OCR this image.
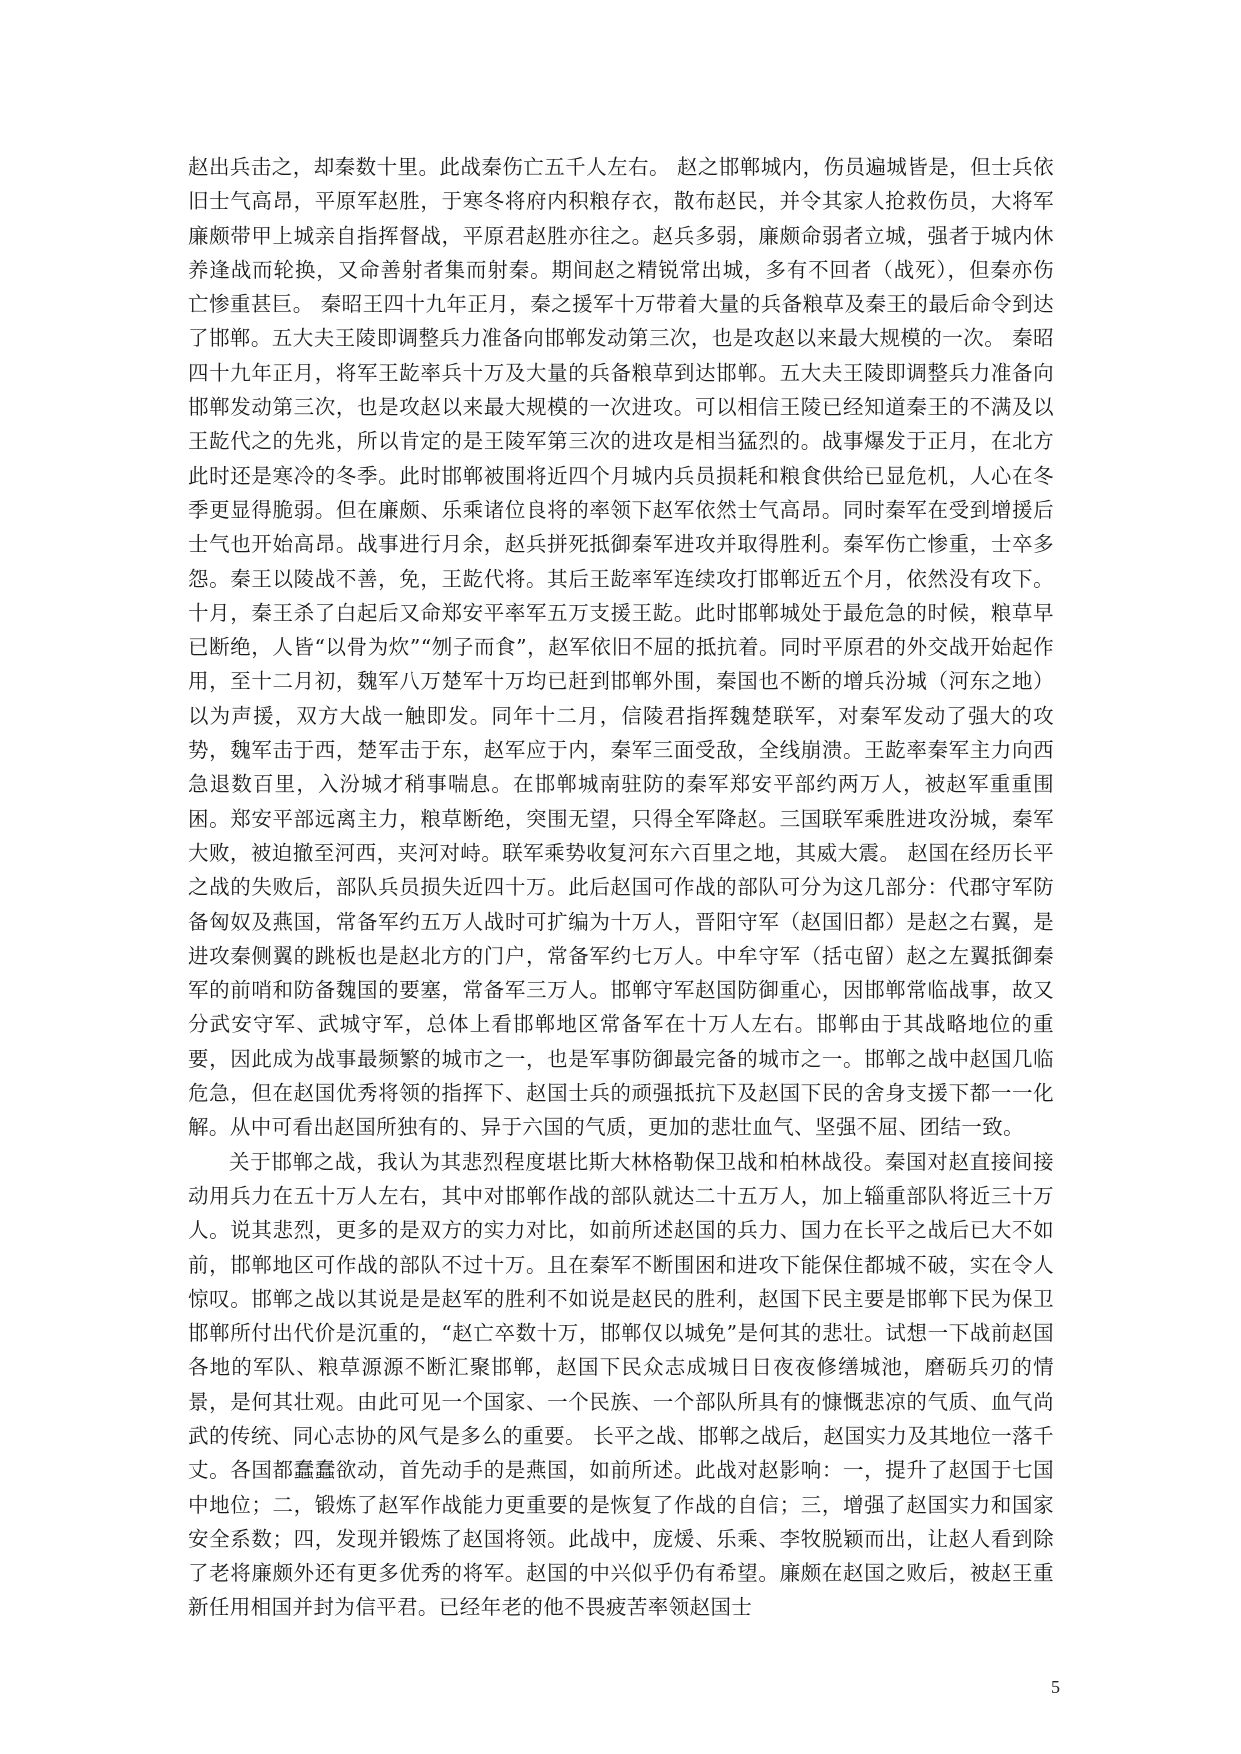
赵出兵击之，却秦数十里。此战秦伤亡五千人左右。 赵之邯郸城内，伤员遍城皆是，但士兵依旧士气高昂，平原军赵胜，于寒冬将府内积粮存衣，散布赵民，并令其家人抢救伤员，大将军廉颇带甲上城亲自指挥督战，平原君赵胜亦往之。赵兵多弱，廉颇命弱者立城，强者于城内休养逢战而轮换，又命善射者集而射秦。期间赵之精锐常出城，多有不回者（战死），但秦亦伤亡惨重甚巨。 秦昭王四十九年正月，秦之援军十万带着大量的兵备粮草及秦王的最后命令到达了邯郸。五大夫王陵即调整兵力准备向邯郸发动第三次，也是攻赵以来最大规模的一次。 秦昭四十九年正月，将军王龁率兵十万及大量的兵备粮草到达邯郸。五大夫王陵即调整兵力准备向邯郸发动第三次，也是攻赵以来最大规模的一次进攻。可以相信王陵已经知道秦王的不满及以王龁代之的先兆，所以肯定的是王陵军第三次的进攻是相当猛烈的。战事爆发于正月，在北方此时还是寒冷的冬季。此时邯郸被围将近四个月城内兵员损耗和粮食供给已显危机，人心在冬季更显得脆弱。但在廉颇、乐乘诸位良将的率领下赵军依然士气高昂。同时秦军在受到增援后士气也开始高昂。战事进行月余，赵兵拼死抵御秦军进攻并取得胜利。秦军伤亡惨重，士卒多怨。秦王以陵战不善，免，王龁代将。其后王龁率军连续攻打邯郸近五个月，依然没有攻下。十月，秦王杀了白起后又命郑安平率军五万支援王龁。此时邯郸城处于最危急的时候，粮草早已断绝，人皆“以骨为炊”“刎子而食”，赵军依旧不屈的抵抗着。同时平原君的外交战开始起作用，至十二月初，魏军八万楚军十万均已赶到邯郸外围，秦国也不断的增兵汾城（河东之地）以为声援，双方大战一触即发。同年十二月，信陵君指挥魏楚联军，对秦军发动了强大的攻势，魏军击于西，楚军击于东，赵军应于内，秦军三面受敌，全线崩溃。王龁率秦军主力向西急退数百里，入汾城才稍事喘息。在邯郸城南驻防的秦军郑安平部约两万人，被赵军重重围困。郑安平部远离主力，粮草断绝，突围无望，只得全军降赵。三国联军乘胜进攻汾城，秦军大败，被迫撤至河西，夹河对峙。联军乘势收复河东六百里之地，其威大震。 赵国在经历长平之战的失败后，部队兵员损失近四十万。此后赵国可作战的部队可分为这几部分：代郡守军防备匈奴及燕国，常备军约五万人战时可扩编为十万人，晋阳守军（赵国旧都）是赵之右翼，是进攻秦侧翼的跳板也是赵北方的门户，常备军约七万人。中牟守军（括屯留）赵之左翼抵御秦军的前哨和防备魏国的要塞，常备军三万人。邯郸守军赵国防御重心，因邯郸常临战事，故又分武安守军、武城守军，总体上看邯郸地区常备军在十万人左右。邯郸由于其战略地位的重要，因此成为战事最频繁的城市之一，也是军事防御最完备的城市之一。邯郸之战中赵国几临危急，但在赵国优秀将领的指挥下、赵国士兵的顽强抵抗下及赵国下民的舍身支援下都一一化解。从中可看出赵国所独有的、异于六国的气质，更加的悲壮血气、坚强不屈、团结一致。

关于邯郸之战，我认为其悲烈程度堪比斯大林格勒保卫战和柏林战役。秦国对赵直接间接动用兵力在五十万人左右，其中对邯郸作战的部队就达二十五万人，加上辎重部队将近三十万人。说其悲烈，更多的是双方的实力对比，如前所述赵国的兵力、国力在长平之战后已大不如前，邯郸地区可作战的部队不过十万。且在秦军不断围困和进攻下能保住都城不破，实在令人惊叹。邯郸之战以其说是是赵军的胜利不如说是赵民的胜利，赵国下民主要是邯郸下民为保卫邯郸所付出代价是沉重的，“赵亡卒数十万，邯郸仅以城免”是何其的悲壮。试想一下战前赵国各地的军队、粮草源源不断汇聚邯郸，赵国下民众志成城日日夜夜修缮城池，磨砺兵刃的情景，是何其壮观。由此可见一个国家、一个民族、一个部队所具有的慷慨悲凉的气质、血气尚武的传统、同心志协的风气是多么的重要。 长平之战、邯郸之战后，赵国实力及其地位一落千丈。各国都蠢蠢欲动，首先动手的是燕国，如前所述。此战对赵影响：一，提升了赵国于七国中地位；二，锻炼了赵军作战能力更重要的是恢复了作战的自信；三，增强了赵国实力和国家安全系数；四，发现并锻炼了赵国将领。此战中，庞煖、乐乘、李牧脱颖而出，让赵人看到除了老将廉颇外还有更多优秀的将军。赵国的中兴似乎仍有希望。廉颇在赵国之败后，被赵王重新任用相国并封为信平君。已经年老的他不畏疲苦率领赵国士

5
